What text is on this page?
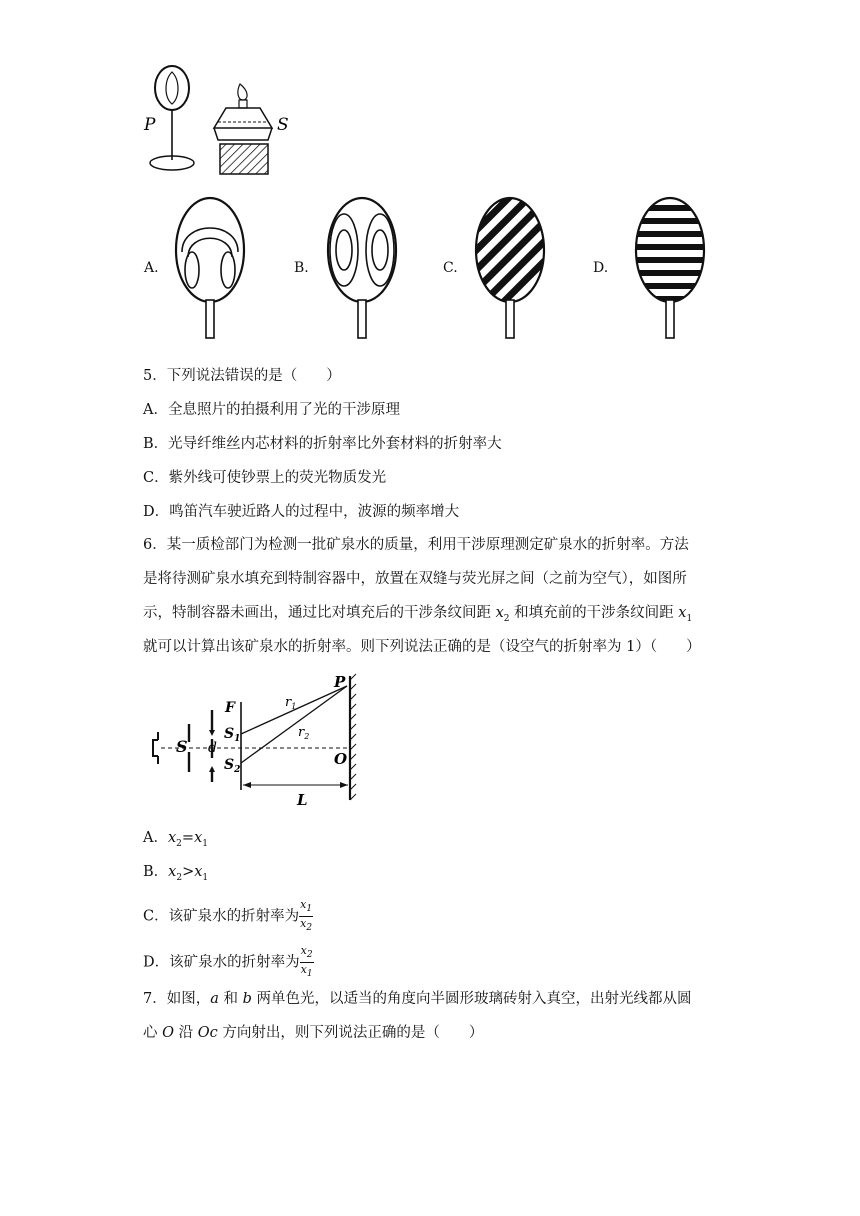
P	S
A.	B.	C.	D.
5．下列说法错误的是（　　）
A．全息照片的拍摄利用了光的干涉原理
B．光导纤维丝内芯材料的折射率比外套材料的折射率大
C．紫外线可使钞票上的荧光物质发光
D．鸣笛汽车驶近路人的过程中，波源的频率增大
6．某一质检部门为检测一批矿泉水的质量，利用干涉原理测定矿泉水的折射率。方法
是将待测矿泉水填充到特制容器中，放置在双缝与荧光屏之间（之前为空气），如图所
示，特制容器未画出，通过比对填充后的干涉条纹间距 $x_2$ 和填充前的干涉条纹间距 $x_1$
就可以计算出该矿泉水的折射率。则下列说法正确的是（设空气的折射率为 1）（　　）
S d
F
$S_1$
$S_2$
$r_1$
$r_2$
P
O
L
A．$x_2=x_1$
B．$x_2>x_1$
C．该矿泉水的折射率为 $\frac{x_1}{x_2}$
D．该矿泉水的折射率为 $\frac{x_2}{x_1}$
7．如图，a 和 b 两单色光，以适当的角度向半圆形玻璃砖射入真空，出射光线都从圆
心 O 沿 Oc 方向射出，则下列说法正确的是（　　）
